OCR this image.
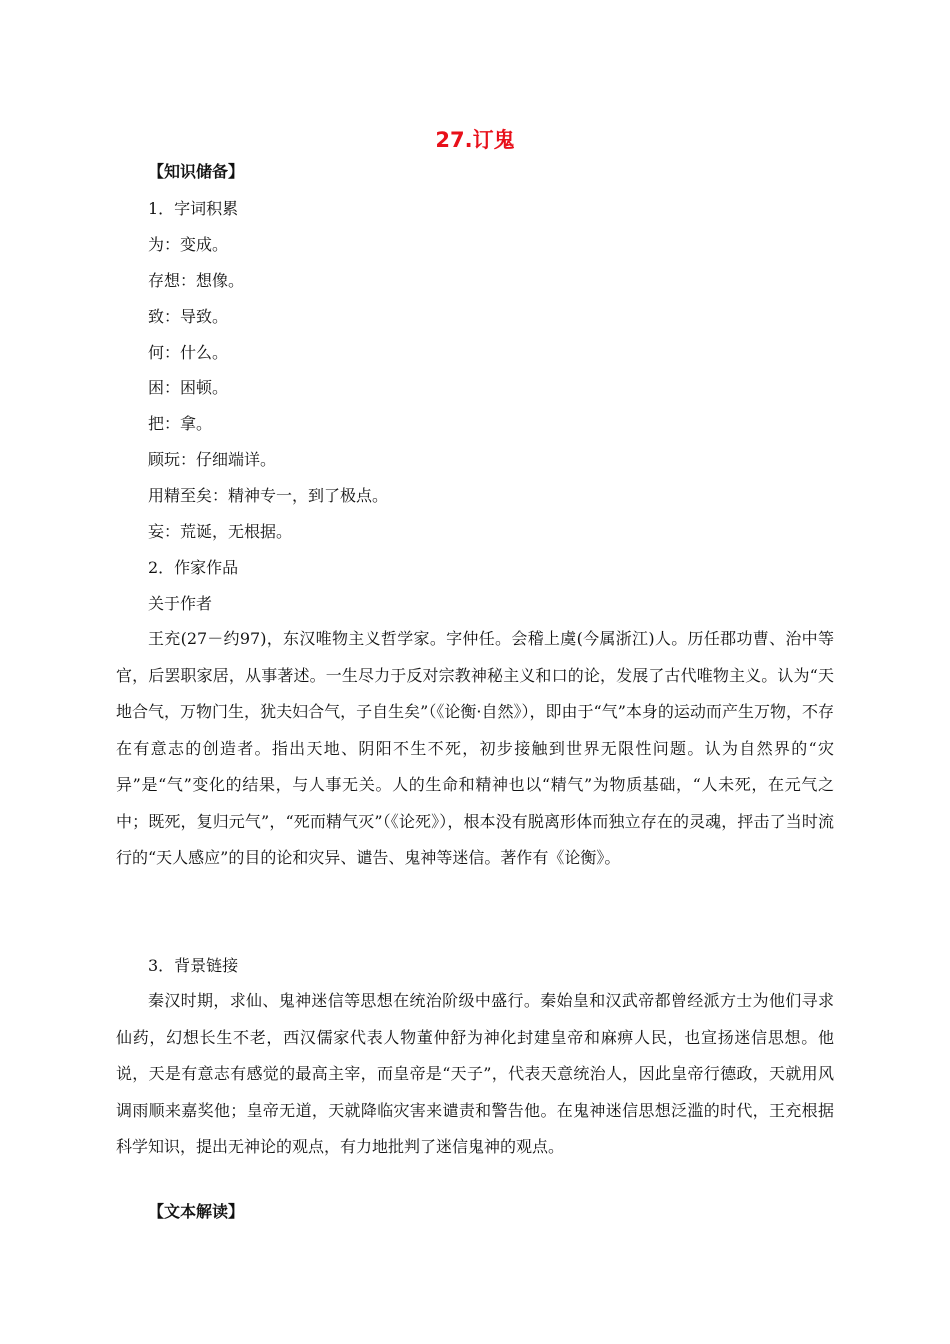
27.订鬼
【知识储备】
1．字词积累
为：变成。
存想：想像。
致：导致。
何：什么。
困：困顿。
把：拿。
顾玩：仔细端详。
用精至矣：精神专一，到了极点。
妄：荒诞，无根据。
2．作家作品
关于作者

王充(27－约97)，东汉唯物主义哲学家。字仲任。会稽上虞(今属浙江)人。历任郡功曹、治中等官，后罢职家居，从事著述。一生尽力于反对宗教神秘主义和口的论，发展了古代唯物主义。认为“天地合气，万物门生，犹夫妇合气，子自生矣”（《论衡·自然》），即由于“气”本身的运动而产生万物，不存在有意志的创造者。指出天地、阴阳不生不死，初步接触到世界无限性问题。认为自然界的“灾异”是“气”变化的结果，与人事无关。人的生命和精神也以“精气”为物质基础，“人未死，在元气之中；既死，复归元气”，“死而精气灭”（《论死》），根本没有脱离形体而独立存在的灵魂，抨击了当时流行的“天人感应”的目的论和灾异、谴告、鬼神等迷信。著作有《论衡》。

3．背景链接

秦汉时期，求仙、鬼神迷信等思想在统治阶级中盛行。秦始皇和汉武帝都曾经派方士为他们寻求仙药，幻想长生不老，西汉儒家代表人物董仲舒为神化封建皇帝和麻痹人民，也宣扬迷信思想。他说，天是有意志有感觉的最高主宰，而皇帝是“天子”，代表天意统治人，因此皇帝行德政，天就用风调雨顺来嘉奖他；皇帝无道，天就降临灾害来谴责和警告他。在鬼神迷信思想泛滥的时代，王充根据科学知识，提出无神论的观点，有力地批判了迷信鬼神的观点。

【文本解读】
